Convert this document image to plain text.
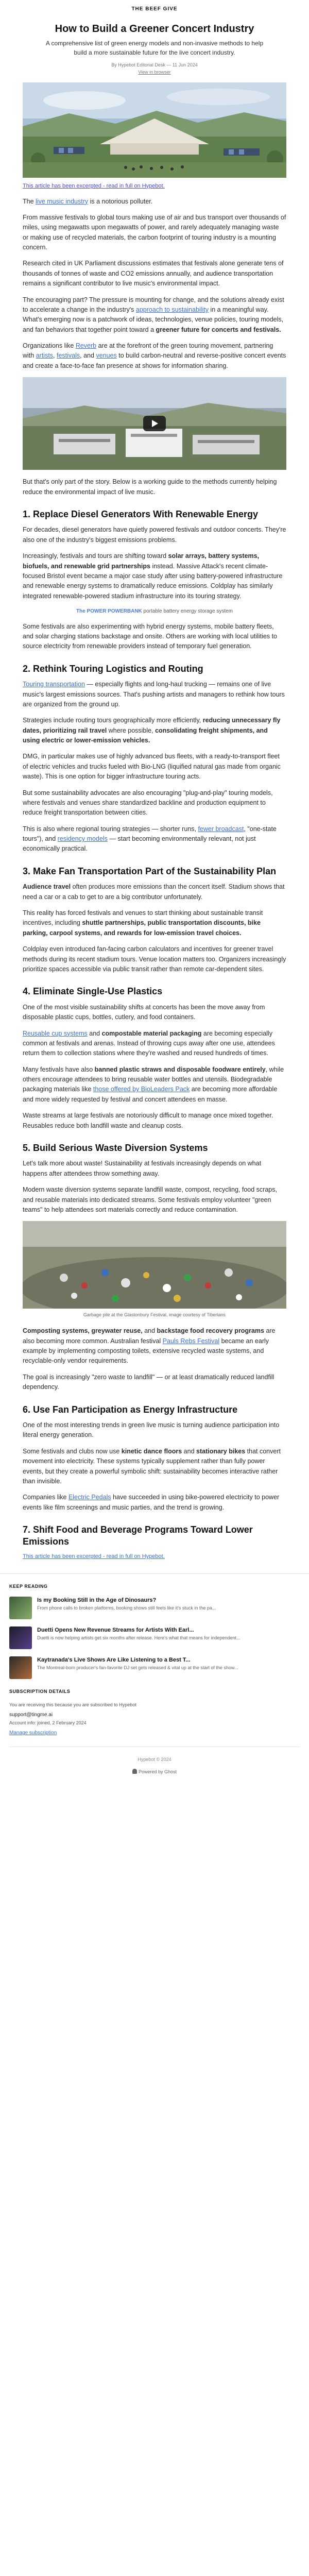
THE BEEF GIVE
How to Build a Greener Concert Industry
A comprehensive list of green energy models and non-invasive methods to help build a more sustainable future for the live concert industry.
By Hypebot Editorial Desk — 11 Jun 2024
View in browser
This article has been excerpted - read in full on Hypebot.

The live music industry is a notorious polluter.

From massive festivals to global tours making use of air and bus transport over thousands of miles, using megawatts upon megawatts of power, and rarely adequately managing waste or making use of recycled materials, the carbon footprint of touring industry is a mounting concern.

Research cited in UK Parliament discussions estimates that festivals alone generate tens of thousands of tonnes of waste and CO2 emissions annually, and audience transportation remains a significant contributor to live music's environmental impact.

The encouraging part? The pressure is mounting for change, and the solutions already exist to accelerate a change in the industry's approach to sustainability in a meaningful way. What's emerging now is a patchwork of ideas, technologies, venue policies, touring models, and fan behaviors that together point toward a greener future for concerts and festivals.

Organizations like Reverb are at the forefront of the green touring movement, partnering with artists, festivals, and venues to build carbon-neutral and reverse-positive concert events and create a face-to-face fan presence at shows for information sharing.

But that's only part of the story. Below is a working guide to the methods currently helping reduce the environmental impact of live music.

1. Replace Diesel Generators With Renewable Energy

For decades, diesel generators have quietly powered festivals and outdoor concerts. They're also one of the industry's biggest emissions problems.

Increasingly, festivals and tours are shifting toward solar arrays, battery systems, biofuels, and renewable grid partnerships instead. Massive Attack's recent climate-focused Bristol event became a major case study after using battery-powered infrastructure and renewable energy systems to dramatically reduce emissions. Coldplay has similarly integrated renewable-powered stadium infrastructure into its touring strategy.

The POWER POWERBANK portable battery energy storage system

Some festivals are also experimenting with hybrid energy systems, mobile battery fleets, and solar charging stations backstage and onsite. Others are working with local utilities to source electricity from renewable providers instead of temporary fuel generation.

2. Rethink Touring Logistics and Routing

Touring transportation — especially flights and long-haul trucking — remains one of live music's largest emissions sources. That's pushing artists and managers to rethink how tours are organized from the ground up.

Strategies include routing tours geographically more efficiently, reducing unnecessary fly dates, prioritizing rail travel where possible, consolidating freight shipments, and using electric or lower-emission vehicles.

DMG, in particular makes use of highly advanced bus fleets, with a ready-to-transport fleet of electric vehicles and trucks fueled with Bio-LNG (liquified natural gas made from organic waste). This is one option for bigger infrastructure touring acts.

But some sustainability advocates are also encouraging "plug-and-play" touring models, where festivals and venues share standardized backline and production equipment to reduce freight transportation between cities.

This is also where regional touring strategies — shorter runs, fewer broadcast, "one-state tours"), and residency models — start becoming environmentally relevant, not just economically practical.

3. Make Fan Transportation Part of the Sustainability Plan

Audience travel often produces more emissions than the concert itself. Stadium shows that need a car or a cab to get to are a big contributor unfortunately.

This reality has forced festivals and venues to start thinking about sustainable transit incentives, including shuttle partnerships, public transportation discounts, bike parking, carpool systems, and rewards for low-emission travel choices.

Coldplay even introduced fan-facing carbon calculators and incentives for greener travel methods during its recent stadium tours. Venue location matters too. Organizers increasingly prioritize spaces accessible via public transit rather than remote car-dependent sites.

4. Eliminate Single-Use Plastics

One of the most visible sustainability shifts at concerts has been the move away from disposable plastic cups, bottles, cutlery, and food containers.

Reusable cup systems and compostable material packaging are becoming especially common at festivals and arenas. Instead of throwing cups away after one use, attendees return them to collection stations where they're washed and reused hundreds of times.

Many festivals have also banned plastic straws and disposable foodware entirely, while others encourage attendees to bring reusable water bottles and utensils. Biodegradable packaging materials like those offered by BioLeaders Pack are becoming more affordable and more widely requested by festival and concert attendees en masse.

Waste streams at large festivals are notoriously difficult to manage once mixed together. Reusables reduce both landfill waste and cleanup costs.

5. Build Serious Waste Diversion Systems

Let's talk more about waste! Sustainability at festivals increasingly depends on what happens after attendees throw something away.

Modern waste diversion systems separate landfill waste, compost, recycling, food scraps, and reusable materials into dedicated streams. Some festivals employ volunteer "green teams" to help attendees sort materials correctly and reduce contamination.

Garbage pile at the Glastonbury Festival, image courtesy of Tiberians

Composting systems, greywater reuse, and backstage food recovery programs are also becoming more common. Australian festival Pauls Rebs Festival became an early example by implementing composting toilets, extensive recycled waste systems, and recyclable-only vendor requirements.

The goal is increasingly "zero waste to landfill" — or at least dramatically reduced landfill dependency.

6. Use Fan Participation as Energy Infrastructure

One of the most interesting trends in green live music is turning audience participation into literal energy generation.

Some festivals and clubs now use kinetic dance floors and stationary bikes that convert movement into electricity. These systems typically supplement rather than fully power events, but they create a powerful symbolic shift: sustainability becomes interactive rather than invisible.

Companies like Electric Pedals have succeeded in using bike-powered electricity to power events like film screenings and music parties, and the trend is growing.

7. Shift Food and Beverage Programs Toward Lower Emissions
This article has been excerpted - read in full on Hypebot.
KEEP READING
Is my Booking Still in the Age of Dinosaurs?
From phone calls to broken platforms, booking shows still feels like it's stuck in the pa...
Duetti Opens New Revenue Streams for Artists With Earl...
Duetti is now helping artists get six months after release. Here's what that means for independent...
Kaytranada's Live Shows Are Like Listening to a Best T...
The Montreal-born producer's fan-favorite DJ set gets released & vital up at the start of the show...
SUBSCRIPTION DETAILS
You are receiving this because you are subscribed to Hypebot
support@tingme.ai
Account info: joined, 2 February 2024
Manage subscription
Hypebot © 2024
Powered by Ghost
